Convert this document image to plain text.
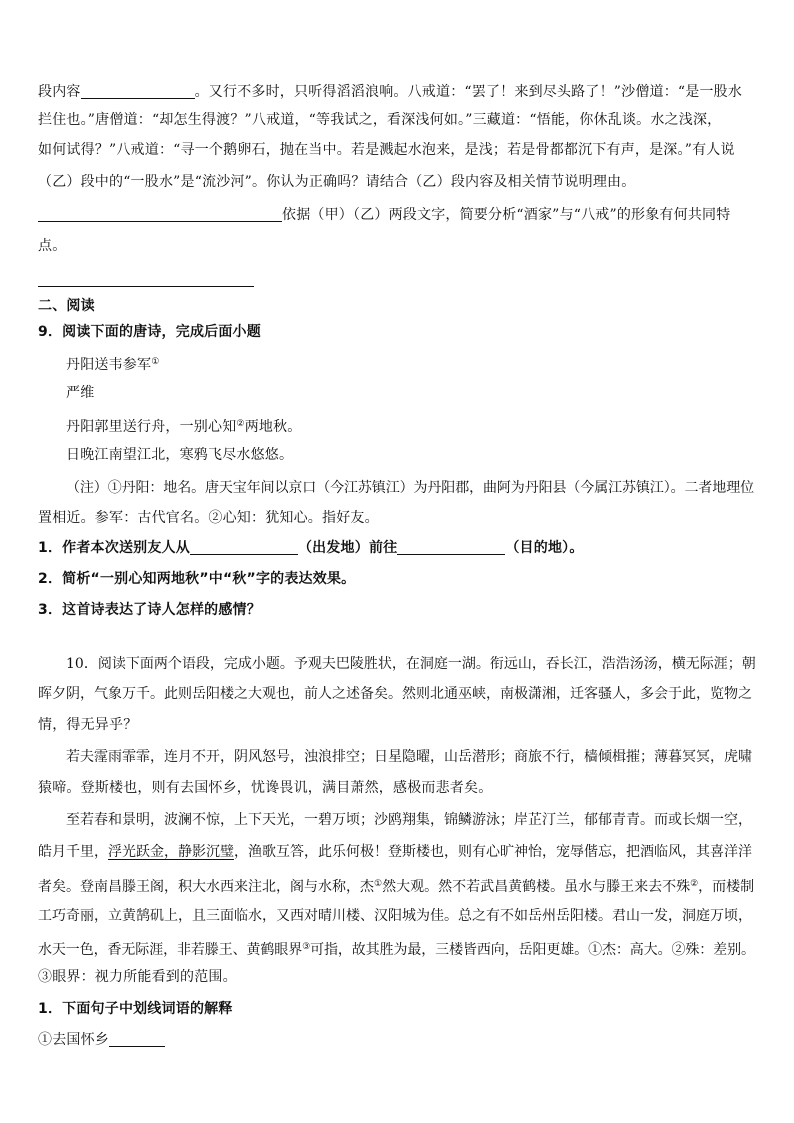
段内容	。又行不多时，只听得滔滔浪响。八戒道：“罢了！来到尽头路了！”沙僧道：“是一股水
拦住也。”唐僧道：“却怎生得渡？”八戒道，“等我试之，看深浅何如。”三藏道：“悟能，你休乱谈。水之浅深，
如何试得？”八戒道：“寻一个鹅卵石，抛在当中。若是溅起水泡来，是浅；若是骨都都沉下有声，是深。”有人说
（乙）段中的“一股水”是“流沙河”。你认为正确吗？请结合（乙）段内容及相关情节说明理由。
依据（甲）（乙）两段文字，简要分析“酒家”与“八戒”的形象有何共同特
点。
二、阅读
9．阅读下面的唐诗，完成后面小题
丹阳送韦参军①
严维
丹阳郭里送行舟，一别心知②两地秋。
日晚江南望江北，寒鸦飞尽水悠悠。
（注）①丹阳：地名。唐天宝年间以京口（今江苏镇江）为丹阳郡，曲阿为丹阳县（今属江苏镇江）。二者地理位
置相近。参军：古代官名。②心知：犹知心。指好友。
1．作者本次送别友人从	（出发地）前往	（目的地）。
2．简析“一别心知两地秋”中“秋”字的表达效果。
3．这首诗表达了诗人怎样的感情？
10．阅读下面两个语段，完成小题。予观夫巴陵胜状，在洞庭一湖。衔远山，吞长江，浩浩汤汤，横无际涯；朝
晖夕阴，气象万千。此则岳阳楼之大观也，前人之述备矣。然则北通巫峡，南极潇湘，迁客骚人，多会于此，览物之
情，得无异乎？
若夫霪雨霏霏，连月不开，阴风怒号，浊浪排空；日星隐曜，山岳潜形；商旅不行，樯倾楫摧；薄暮冥冥，虎啸
猿啼。登斯楼也，则有去国怀乡，忧谗畏讥，满目萧然，感极而悲者矣。
至若春和景明，波澜不惊，上下天光，一碧万顷；沙鸥翔集，锦鳞游泳；岸芷汀兰，郁郁青青。而或长烟一空，
皓月千里，浮光跃金，静影沉璧，渔歌互答，此乐何极！登斯楼也，则有心旷神怡，宠辱偕忘，把酒临风，其喜洋洋
者矣。登南昌滕王阁，积大水西来注北，阁与水称，杰①然大观。然不若武昌黄鹤楼。虽水与滕王来去不殊②，而楼制
工巧奇丽，立黄鹄矶上，且三面临水，又西对晴川楼、汉阳城为佳。总之有不如岳州岳阳楼。君山一发，洞庭万顷，
水天一色，香无际涯，非若滕王、黄鹤眼界③可指，故其胜为最，三楼皆西向，岳阳更雄。①杰：高大。②殊：差别。
③眼界：视力所能看到的范围。
1．下面句子中划线词语的解释
①去国怀乡
